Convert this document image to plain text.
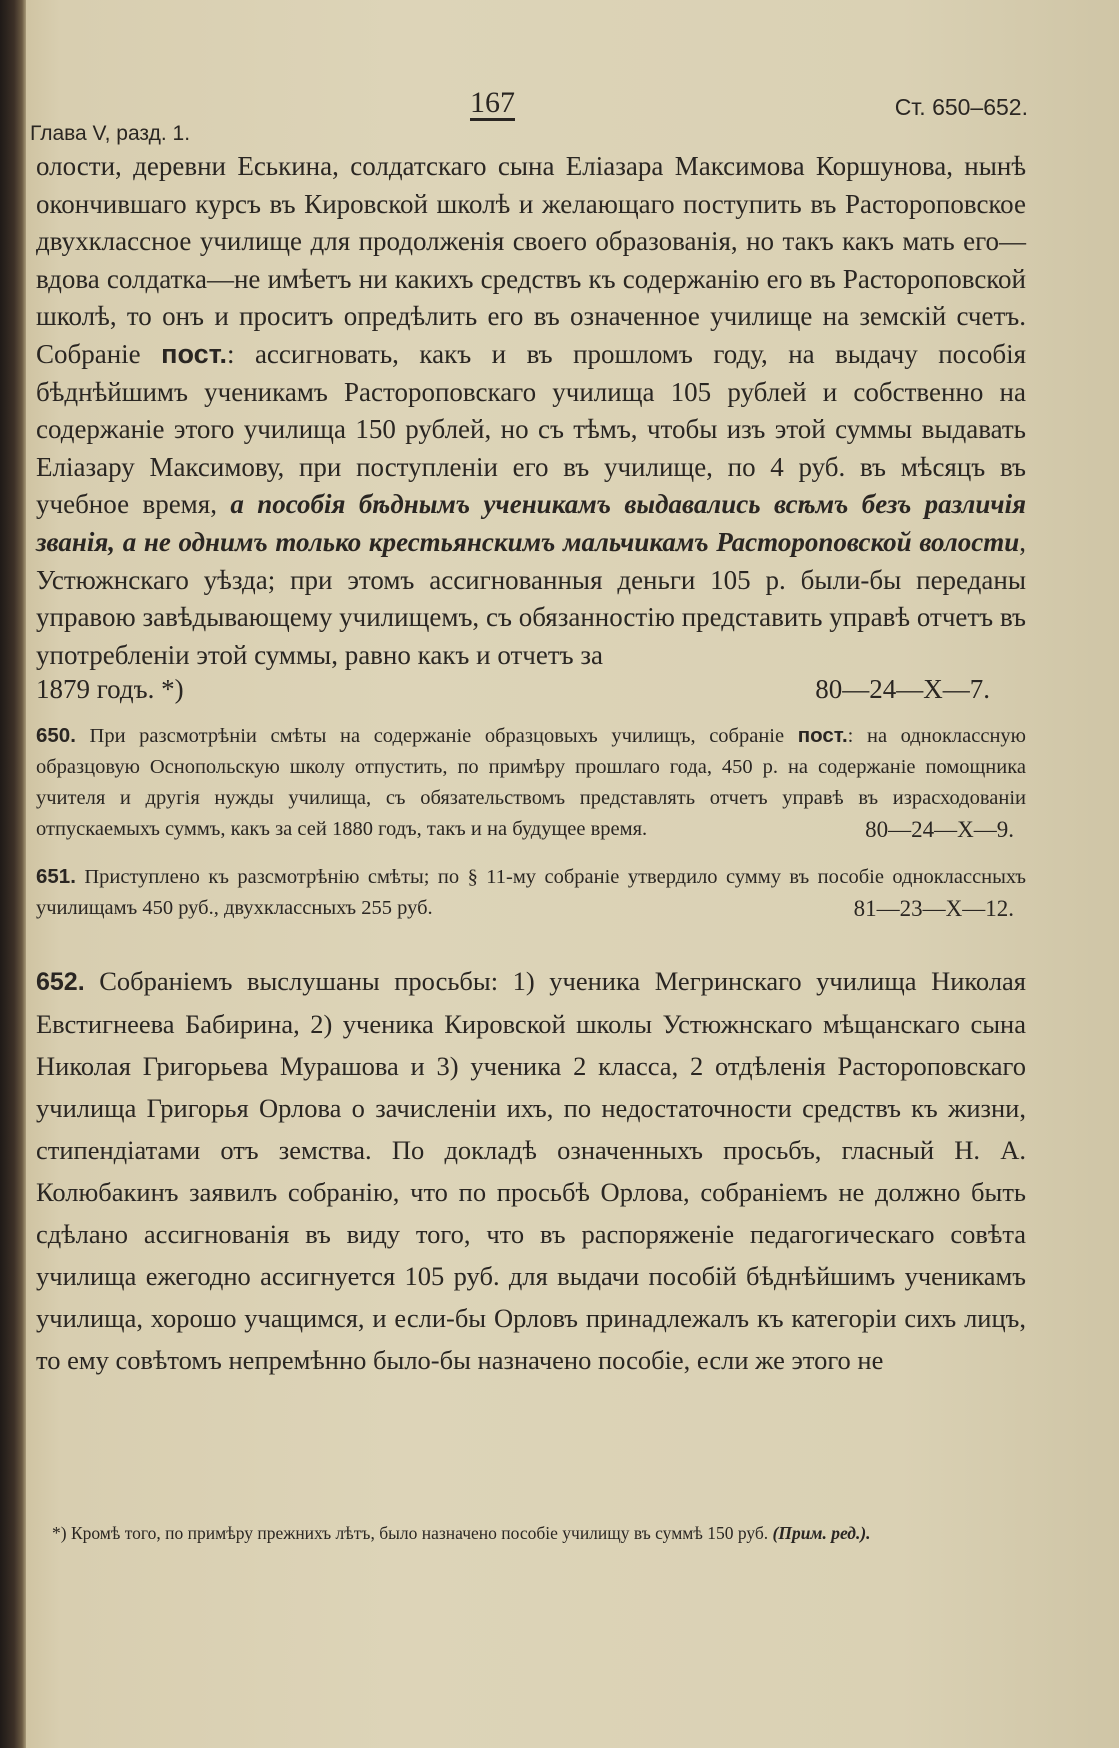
Глава V, разд. 1.
167	Ст. 650–652.

олости, деревни Еськина, солдатскаго сына Еліазара Максимова Коршунова, нынѣ окончившаго курсъ въ Кировской школѣ и желающаго поступить въ Растороповское двухклассное училище для продолженія своего образованія, но такъ какъ мать его—вдова солдатка—не имѣетъ ни какихъ средствъ къ содержанію его въ Растороповской школѣ, то онъ и проситъ опредѣлить его въ означенное училище на земскій счетъ. Собраніе пост.: ассигновать, какъ и въ прошломъ году, на выдачу пособія бѣднѣйшимъ ученикамъ Растороповскаго училища 105 рублей и собственно на содержаніе этого училища 150 рублей, но съ тѣмъ, чтобы изъ этой суммы выдавать Еліазару Максимову, при поступленіи его въ училище, по 4 руб. въ мѣсяцъ въ учебное время, а пособія бѣднымъ ученикамъ выдавались всѣмъ безъ различія званія, а не однимъ только крестьянскимъ мальчикамъ Растороповской волости, Устюжнскаго уѣзда; при этомъ ассигнованныя деньги 105 р. были-бы переданы управою завѣдывающему училищемъ, съ обязанностію представить управѣ отчетъ въ употребленіи этой суммы, равно какъ и отчетъ за

1879 годъ. *)	80—24—X—7.

650. При разсмотрѣніи смѣты на содержаніе образцовыхъ училищъ, собраніе пост.: на одноклассную образцовую Оснопольскую школу отпустить, по примѣру прошлаго года, 450 р. на содержаніе помощника учителя и другія нужды училища, съ обязательствомъ представлять отчетъ управѣ въ израсходованіи отпускаемыхъ суммъ, какъ за сей 1880 годъ, такъ и на будущее время.	80—24—X—9.

651. Приступлено къ разсмотрѣнію смѣты; по § 11-му собраніе утвердило сумму въ пособіе одноклассныхъ училищамъ 450 руб., двухклассныхъ 255 руб.	81—23—X—12.

652. Собраніемъ выслушаны просьбы: 1) ученика Мегринскаго училища Николая Евстигнеева Бабирина, 2) ученика Кировской школы Устюжнскаго мѣщанскаго сына Николая Григорьева Мурашова и 3) ученика 2 класса, 2 отдѣленія Растороповскаго училища Григорья Орлова о зачисленіи ихъ, по недостаточности средствъ къ жизни, стипендіатами отъ земства. По докладѣ означенныхъ просьбъ, гласный Н. А. Колюбакинъ заявилъ собранію, что по просьбѣ Орлова, собраніемъ не должно быть сдѣлано ассигнованія въ виду того, что въ распоряженіе педагогическаго совѣта училища ежегодно ассигнуется 105 руб. для выдачи пособій бѣднѣйшимъ ученикамъ училища, хорошо учащимся, и если-бы Орловъ принадлежалъ къ категоріи сихъ лицъ, то ему совѣтомъ непремѣнно было-бы назначено пособіе, если же этого не

*) Кромѣ того, по примѣру прежнихъ лѣтъ, было назначено пособіе училищу въ суммѣ 150 руб. (Прим. ред.).
